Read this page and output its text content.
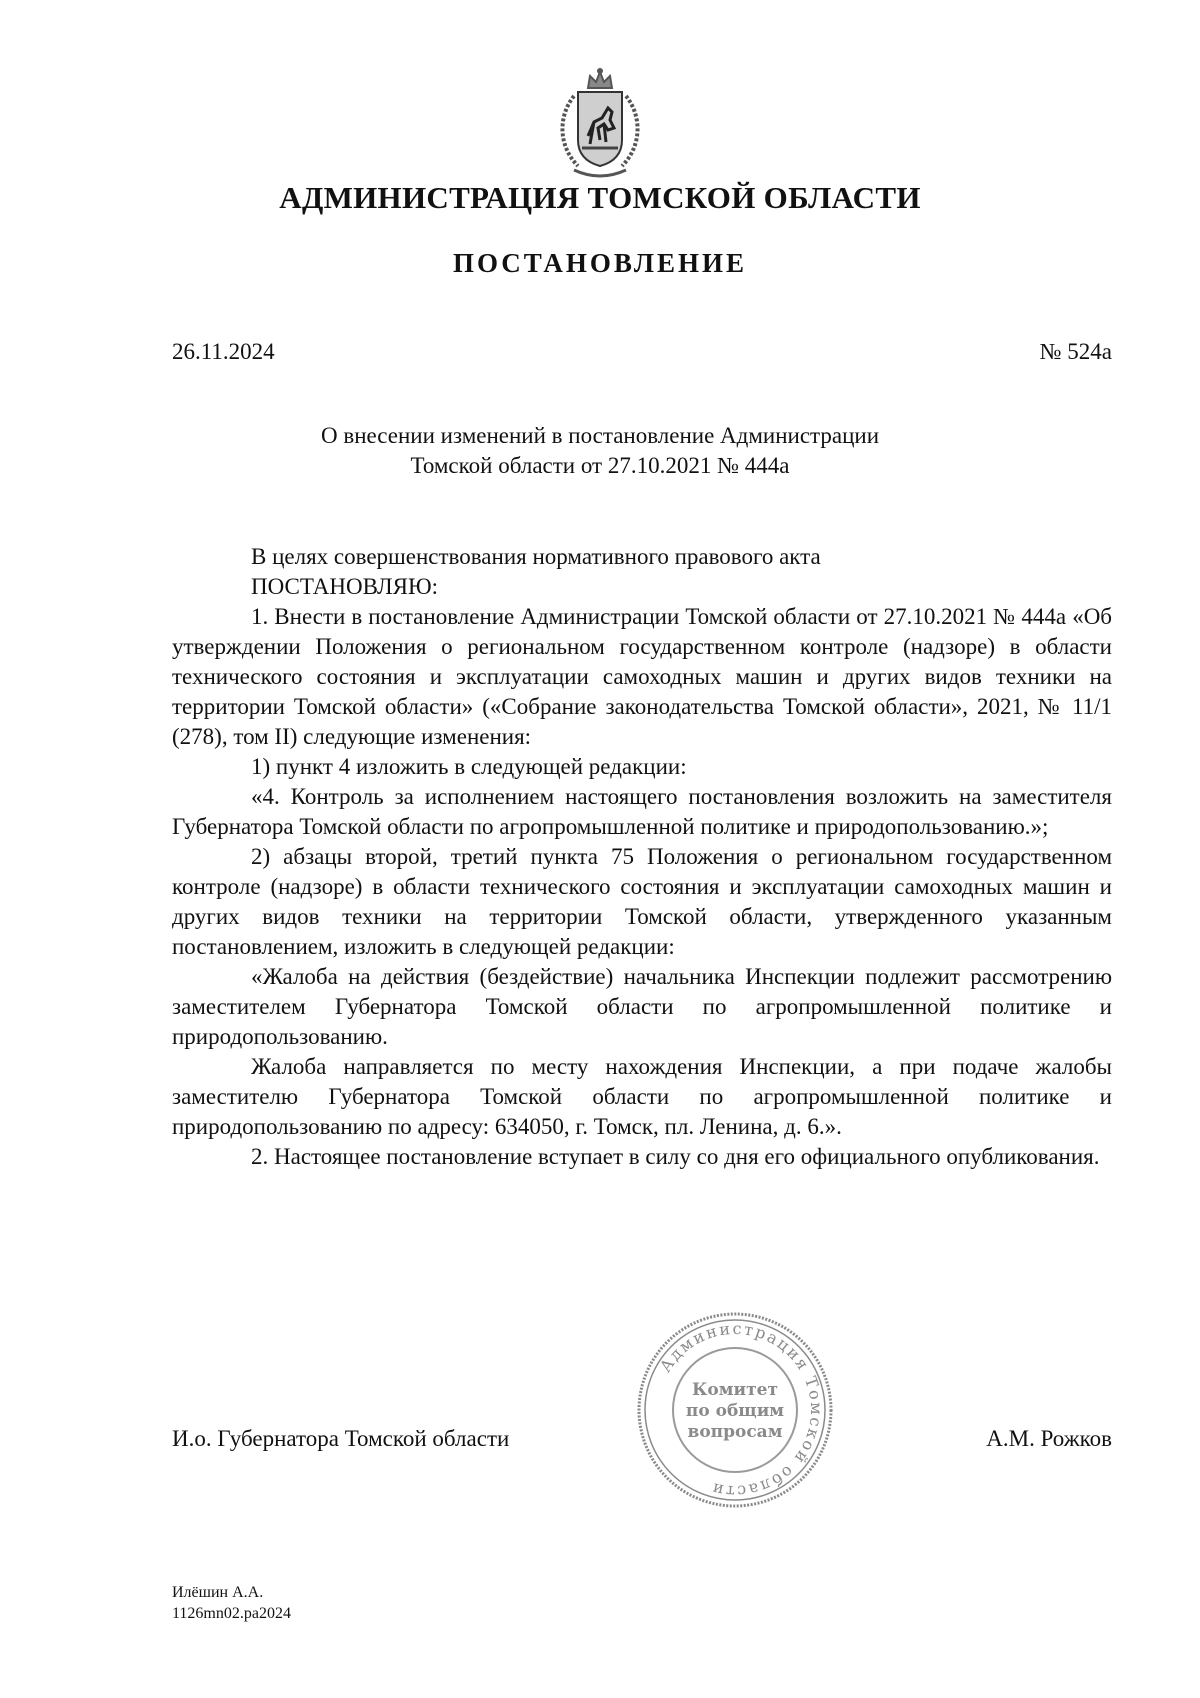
АДМИНИСТРАЦИЯ ТОМСКОЙ ОБЛАСТИ
ПОСТАНОВЛЕНИЕ
26.11.2024	№ 524а
О внесении изменений в постановление Администрации
Томской области от 27.10.2021 № 444а

В целях совершенствования нормативного правового акта

ПОСТАНОВЛЯЮ:

1. Внести в постановление Администрации Томской области от 27.10.2021 № 444а «Об утверждении Положения о региональном государственном контроле (надзоре) в области технического состояния и эксплуатации самоходных машин и других видов техники на территории Томской области» («Собрание законодательства Томской области», 2021, № 11/1 (278), том II) следующие изменения:

1) пункт 4 изложить в следующей редакции:

«4. Контроль за исполнением настоящего постановления возложить на заместителя Губернатора Томской области по агропромышленной политике и природопользованию.»;

2) абзацы второй, третий пункта 75 Положения о региональном государственном контроле (надзоре) в области технического состояния и эксплуатации самоходных машин и других видов техники на территории Томской области, утвержденного указанным постановлением, изложить в следующей редакции:

«Жалоба на действия (бездействие) начальника Инспекции подлежит рассмотрению заместителем Губернатора Томской области по агропромышленной политике и природопользованию.

Жалоба направляется по месту нахождения Инспекции, а при подаче жалобы заместителю Губернатора Томской области по агропромышленной политике и природопользованию по адресу: 634050, г. Томск, пл. Ленина, д. 6.».

2. Настоящее постановление вступает в силу со дня его официального опубликования.

И.о. Губернатора Томской области
Администрация Томской области
Комитет
по общим
вопросам	А.М. Рожков
Илёшин А.А.
1126mn02.pa2024
